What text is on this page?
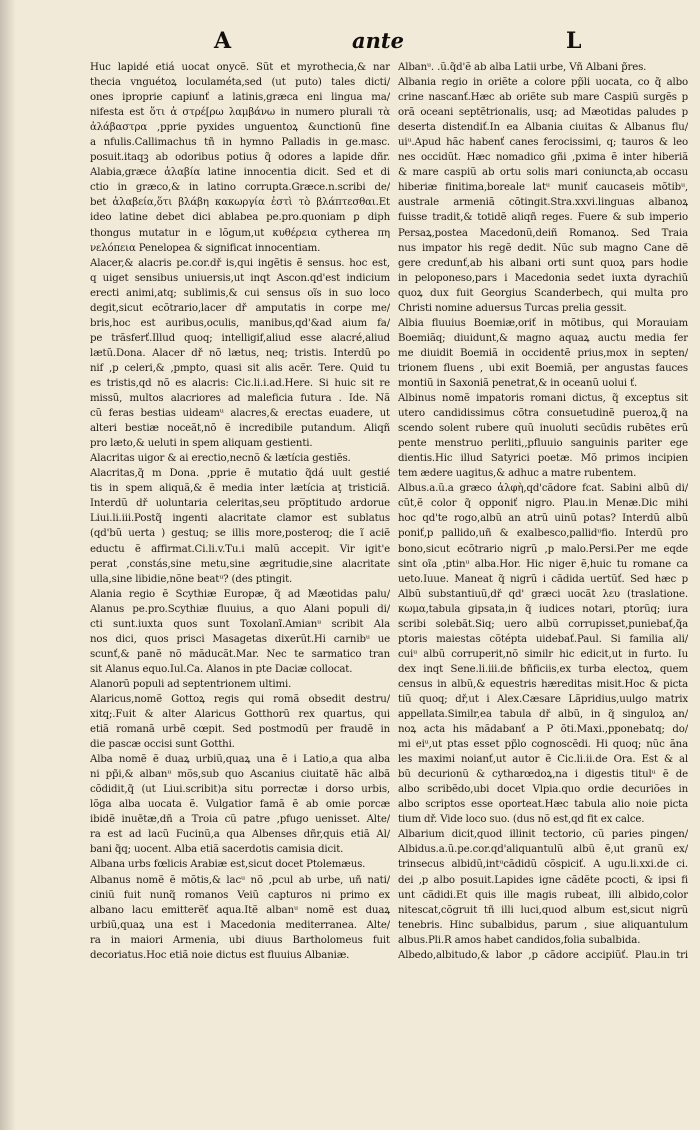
A	ante	L
Huc lapidé etiá uocat onycẽ. Sũt et myrothecia,& nar
thecia vnguétoꝝ loculaméta,sed (ut puto) tales dicti/
ones iproprie capiunť a latinis,græca eni lingua ma/
nifesta est ὅτι ἀ στρέ[ρω λαμβάνω in numero plurali τὰ
ἀλάβαστρα ,pprie pyxides unguentoꝝ &unctionũ fine
a nfulis.Callimachus tñ in hymno Palladis in ge.masc.
posuit.itaqꝫ ab odoribus potius q̃ odores a lapide dñr.
Alabia,græce ἀλαβία latine innocentia dicit. Sed et di
ctio in græco,& in latino corrupta.Græce.n.scribi de/
bet ἀλαβεία,ὅτι βλάβη κακωργία ἐστὶ τὸ βλάπτεσθαι.Et
ideo latine debet dici ablabea pe.pro.quoniam ꝑ diph
thongus mutatur in e lõgum,ut κυθέρεια cytherea πη
νελόπεια Penelopea & significat innocentiam.
Alacer,& alacris pe.cor.dř is,qui ingẽtis ẽ sensus. hoc est,
q uiget sensibus uniuersis,ut inqt Ascon.qd'est indicium
erecti animi,atq; sublimis,& cui sensus oĩs in suo loco
degit,sicut ecõtrario,lacer dř amputatis in corpe me/
bris,hoc est auribus,oculis, manibus,qd'&ad aium fa/
pe trãsferť.Illud quoq; intelligif,aliud esse alacré,aliud
lætũ.Dona. Alacer dř nõ lætus, neq; tristis. Interdũ po
nif ,p celeri,& ,pmpto, quasi sit alis acẽr. Tere. Quid tu
es tristis,qd nõ es alacris: Cic.li.i.ad.Here. Si huic sit re
missũ, multos alacriores ad maleficia futura . Ide. Nã
cũ feras bestias uideamᵘ alacres,& erectas euadere, ut
alteri bestiæ noceãt,nõ ẽ incredibile putandum. Aliqñ
pro læto,& ueluti in spem aliquam gestienti.
Alacritas uigor & ai erectio,necnõ & lætícia gestiẽs.
Alacritas,q̃ m Dona. ,pprie ẽ mutatio q̃dá uult gestié
tis in spem aliquã,& ẽ media inter lætícia aţ tristiciã.
Interdũ dř uoluntaria celeritas,seu pro̅ptitudo ardorue
Liui.li.iii.Postq̃ ingenti alacritate clamor est sublatus
(qd'bũ uerta ) gestuq; se illis more,posteroq; die ĩ aciẽ
eductu ẽ affirmat.Ci.li.v.Tu.i malũ accepit. Vir igit'e
perat ,constás,sine metu,sine ægritudie,sine alacritate
ulla,sine libidie,nõne beatᵘ? (des ptingit.
Alania regio ẽ Scythiæ Europæ, q̃ ad Mæotidas palu/
Alanus pe.pro.Scythiæ fluuius, a quo Alani populi di/
cti sunt.iuxta quos sunt Toxolanĩ.Amianᵘ scribit Ala
nos dici, quos prisci Masagetas dixerũt.Hi carnibᵘ ue
scunť,& panẽ nõ mãducãt.Mar. Nec te sarmatico tran
sit Alanus equo.Iul.Ca. Alanos in pte Daciæ collocat.
Alanorũ populi ad septentrionem ultimi.
Alaricus,nomẽ Gottoꝝ regis qui romã obsedit destru/
xitq;.Fuit & alter Alaricus Gotthorũ rex quartus, qui
etiã romanã urbẽ cœpit. Sed postmodũ per fraudẽ in
die pascæ occisi sunt Gotthi.
Alba nomẽ ẽ duaꝝ urbiũ,quaꝝ una ẽ i Latio,a qua alba
ni pp̃i,& albanᵘ mõs,sub quo Ascanius ciuitatẽ hãc albã
cõdidit,q̃ (ut Liui.scribit)a situ porrectæ i dorso urbis,
lõga alba uocata ẽ. Vulgatior famã ẽ ab omie porcæ
ibidẽ inuētæ,dñ a Troia cũ patre ,pfugo uenisset. Alte/
ra est ad lacũ Fucinũ,a qua Albenses dñr,quis etiã Al/
bani q̃q; uocent. Alba etiã sacerdotis camisia dicit.
Albana urbs fœlicis Arabiæ est,sicut docet Ptolemæus.
Albanus nomẽ ẽ mõtis,& lacᵘ nõ ,pcul ab urbe, uñ nati/
ciniũ fuit nunq̃ romanos Veiũ capturos ni primo ex
albano lacu emitterẽť aqua.Itẽ albanᵘ nomẽ est duaꝝ
urbiũ,quaꝝ una est i Macedonia mediterranea. Alte/
ra in maiori Armenia, ubi diuus Bartholomeus fuit
decoriatus.Hoc etiã noie dictus est fluuius Albaniæ.
Albanᵘ. .ũ.q̃d'ẽ ab alba Latii urbe, Vñ Albani p̃res.
Albania regio in oriẽte a colore pp̃li uocata, co q̃ albo
crine nascanť.Hæc ab oriẽte sub mare Caspiũ surgẽs p
orã oceani septẽtrionalis, usq; ad Mæotidas paludes p
deserta distendiť.In ea Albania ciuitas & Albanus flu/
uiᵘ.Apud hãc habenť canes ferocissimi, q; tauros & leo
nes occidũt. Hæc nomadico gñi ,pxima ẽ inter hiberiã
& mare caspiũ ab ortu solis mari coniuncta,ab occasu
hiberiæ finitima,boreale latᵘ muniť caucaseis mõtibᵘ,
australe armeniã cõtingit.Stra.xxvi.linguas albanoꝝ
fuisse tradit,& totidẽ aliqñ reges. Fuere & sub imperio
Persaꝝ,postea Macedonũ,deiñ Romanoꝝ. Sed Traia
nus impator his regẽ dedit. Nũc sub magno Cane dẽ
gere credunť,ab his albani orti sunt quoꝝ pars hodie
in peloponeso,pars i Macedonia sedet iuxta dyrachiũ
quoꝝ dux fuit Georgius Scanderbech, qui multa pro
Christi nomine aduersus Turcas prelia gessit.
Albia fluuius Boemiæ,oriť in mõtibus, qui Morauiam
Boemiãq; diuidunt,& magno aquaꝝ auctu media fer
me diuidit Boemiã in occidentẽ prius,mox in septen/
trionem fluens , ubi exit Boemiã, per angustas fauces
montiũ in Saxoniã penetrat,& in oceanũ uolui ť.
Albinus nomẽ impatoris romani dictus, q̃ exceptus sit
utero candidissimus cõtra consuetudinẽ pueroꝝ,q̃ na
scendo solent rubere quũ inuoluti secũdis rubẽtes erũ
pente menstruo perliti,,pfluuio sanguinis pariter ege
dientis.Hic illud Satyrici poetæ. Mõ primos incipien
tem ædere uagitus,& adhuc a matre rubentem.
Albus.a.ũ.a græco ἀλφὴ,qd'cãdore fcat. Sabini albũ di/
cũt,ẽ color q̃ opponiť nigro. Plau.in Menæ.Dic mihi
hoc qd'te rogo,albũ an atrũ uinũ potas? Interdũ albũ
poniť,p pallido,uñ & exalbesco,pallidᵘfio. Interdũ pro
bono,sicut ecõtrario nigrũ ,p malo.Persi.Per me eqde
sint oĩa ,ptinᵘ alba.Hor. Hic niger ẽ,huic tu romane ca
ueto.Iuue. Maneat q̃ nigrũ i cãdida uertũť. Sed hæc p
Albũ substantiuũ,dř qd' græci uocãt λευ (traslatione.
κωμα,tabula gipsata,in q̃ iudices notari, ptorũq; iura
scribi solebãt.Siq; uero albũ corrupisset,puniebať,q̃a
ptoris maiestas cõtépta uidebať.Paul. Si familia ali/
cuiᵘ albũ corruperit,nõ similr hic edicit,ut in furto. Iu
dex inqt Sene.li.iii.de bñficiis,ex turba electoꝝ, quem
census in albũ,& equestris hæreditas misit.Hoc & picta
tiũ quoq; dř,ut i Alex.Cæsare Lãpridius,uulgo matrix
appellata.Similr,ea tabula dř albũ, in q̃ singuloꝝ an/
noꝝ acta his mãdabanť a P õti.Maxi.,pponebatq; do/
mi eiᵘ,ut ptas esset pp̃lo cognoscẽdi. Hi quoq; nũc ãna
les maximi noianť,ut autor ẽ Cic.li.ii.de Ora. Est & al
bũ decurionũ & cytharœdoꝝ,na i digestis titulᵘ ẽ de
albo scribẽdo,ubi docet Vlpia.quo ordie decuriões in
albo scriptos esse oporteat.Hæc tabula alio noie picta
tium dř. Vide loco suo. (dus nõ est,qd fit ex calce.
Albarium dicit,quod illinit tectorio, cũ paries pingen/
Albidus.a.ũ.pe.cor.qd'aliquantulũ albũ ẽ,ut granũ ex/
trinsecus albidũ,intᵘcãdidũ cõspiciť. A ugu.li.xxi.de ci.
dei ,p albo posuit.Lapides igne cãdẽte pcocti, & ipsi fi
unt cãdidi.Et quis ille magis rubeat, illi albido,color
nitescat,cõgruit tñ illi luci,quod album est,sicut nigrũ
tenebris. Hinc subalbidus, parum , siue aliquantulum
albus.Pli.R amos habet candidos,folia subalbida.
Albedo,albitudo,& labor ,p cãdore accipiũť. Plau.in tri
